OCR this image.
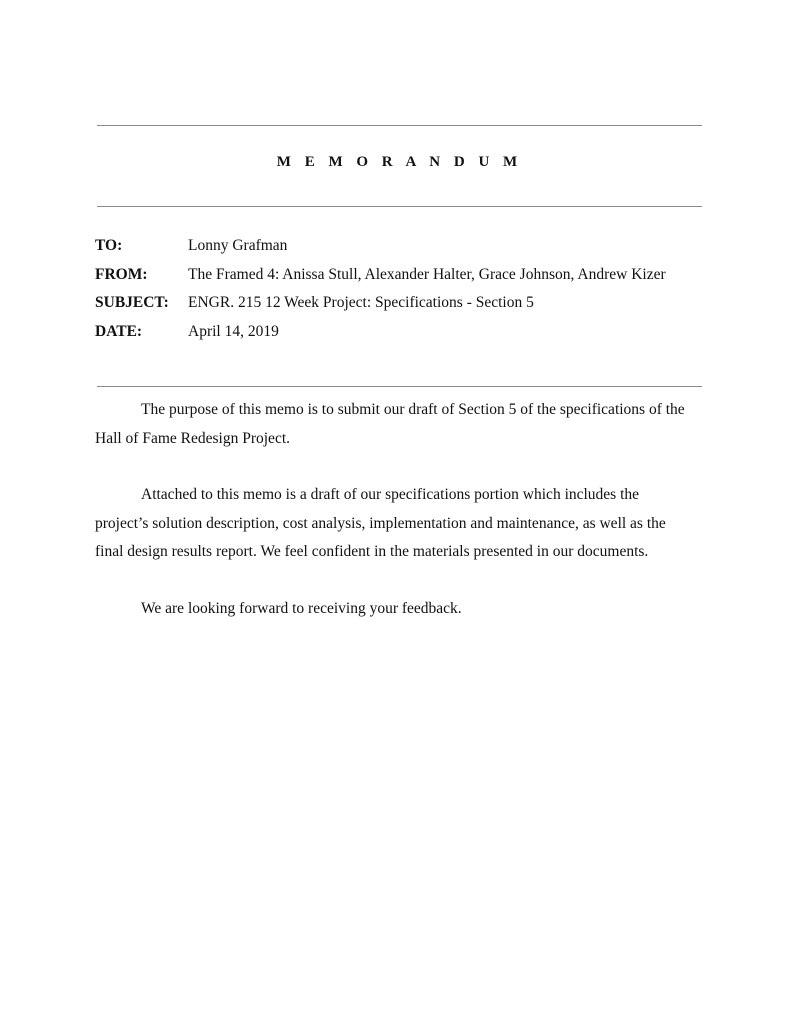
M E M O R A N D U M
TO:	Lonny Grafman
FROM:	The Framed 4: Anissa Stull, Alexander Halter, Grace Johnson, Andrew Kizer
SUBJECT: ENGR. 215 12 Week Project: Specifications - Section 5
DATE:	April 14, 2019

The purpose of this memo is to submit our draft of Section 5 of the specifications of the Hall of Fame Redesign Project.

Attached to this memo is a draft of our specifications portion which includes the project’s solution description, cost analysis, implementation and maintenance, as well as the final design results report. We feel confident in the materials presented in our documents.

We are looking forward to receiving your feedback.
